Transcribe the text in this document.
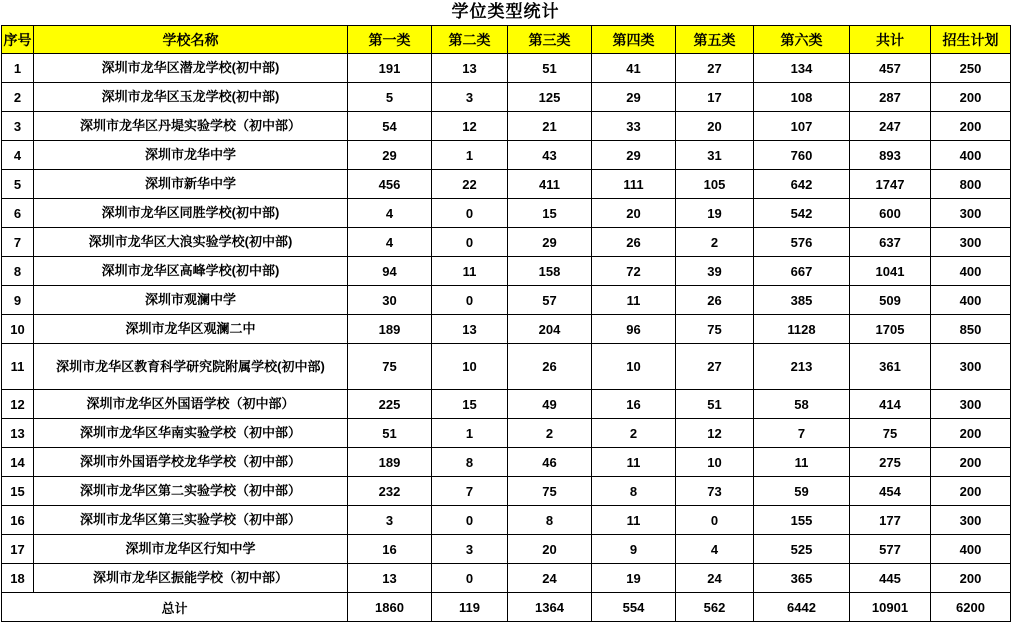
学位类型统计
序号	学校名称	第一类	第二类	第三类	第四类	第五类	第六类	共计	招生计划
1	深圳市龙华区潜龙学校(初中部)	191	13	51	41	27	134	457	250
2	深圳市龙华区玉龙学校(初中部)	5	3	125	29	17	108	287	200
3	深圳市龙华区丹堤实验学校（初中部）	54	12	21	33	20	107	247	200
4	深圳市龙华中学	29	1	43	29	31	760	893	400
5	深圳市新华中学	456	22	411	111	105	642	1747	800
6	深圳市龙华区同胜学校(初中部)	4	0	15	20	19	542	600	300
7	深圳市龙华区大浪实验学校(初中部)	4	0	29	26	2	576	637	300
8	深圳市龙华区高峰学校(初中部)	94	11	158	72	39	667	1041	400
9	深圳市观澜中学	30	0	57	11	26	385	509	400
10	深圳市龙华区观澜二中	189	13	204	96	75	1128	1705	850
11	深圳市龙华区教育科学研究院附属学校(初中部)	75	10	26	10	27	213	361	300
12	深圳市龙华区外国语学校（初中部）	225	15	49	16	51	58	414	300
13	深圳市龙华区华南实验学校（初中部）	51	1	2	2	12	7	75	200
14	深圳市外国语学校龙华学校（初中部）	189	8	46	11	10	11	275	200
15	深圳市龙华区第二实验学校（初中部）	232	7	75	8	73	59	454	200
16	深圳市龙华区第三实验学校（初中部）	3	0	8	11	0	155	177	300
17	深圳市龙华区行知中学	16	3	20	9	4	525	577	400
18	深圳市龙华区振能学校（初中部）	13	0	24	19	24	365	445	200
总计		1860	119	1364	554	562	6442	10901	6200
